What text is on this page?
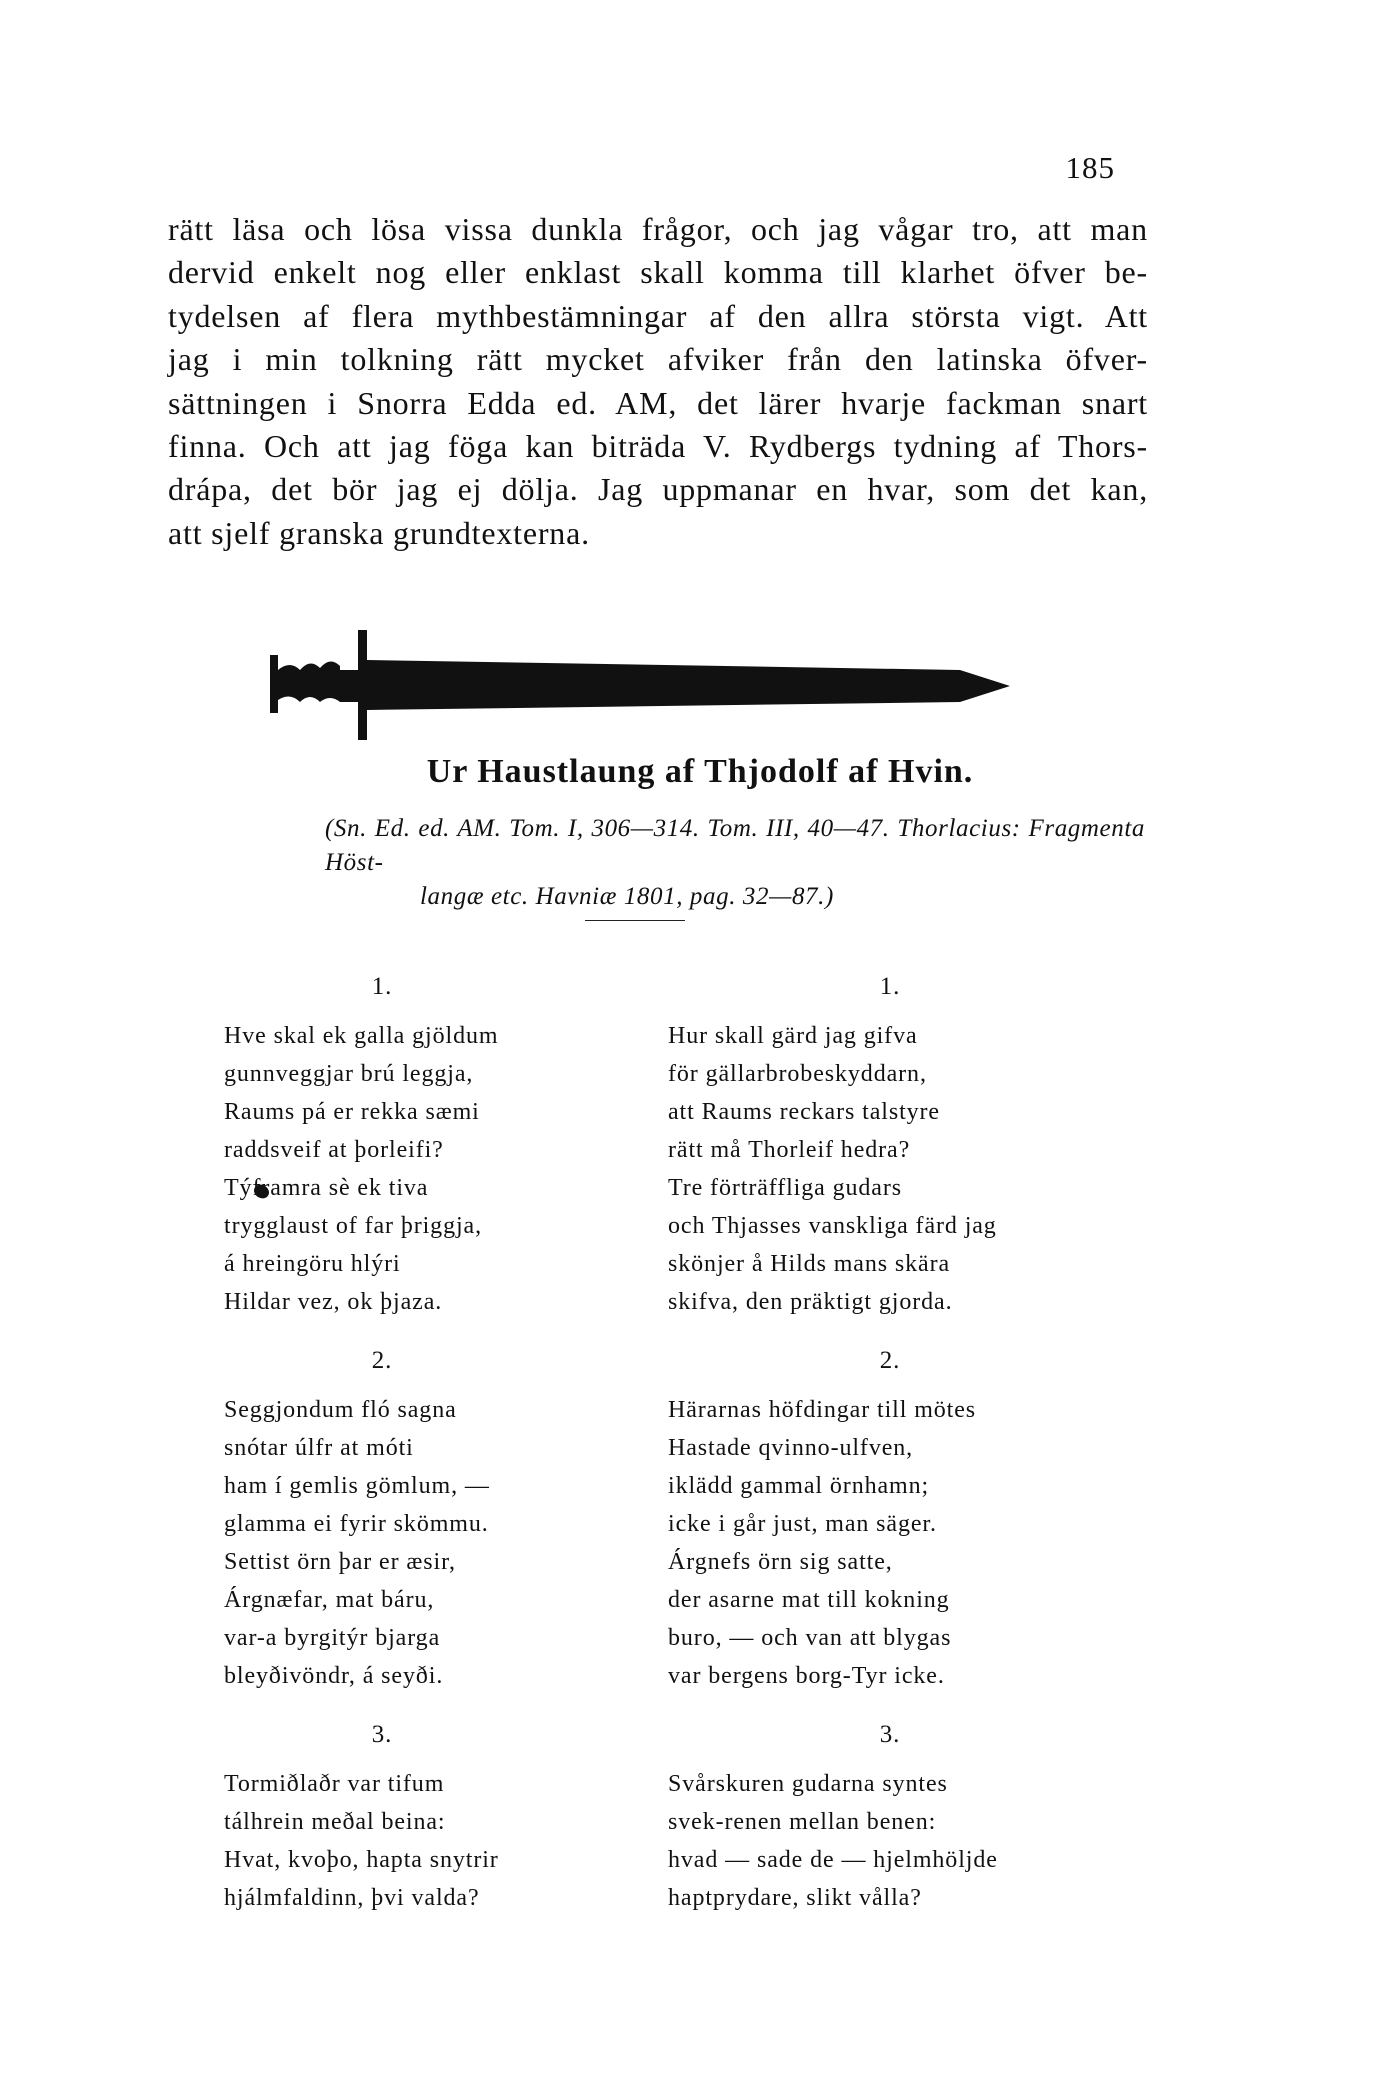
185
rätt läsa och lösa vissa dunkla frågor, och jag vågar tro, att man
dervid enkelt nog eller enklast skall komma till klarhet öfver be-
tydelsen af flera mythbestämningar af den allra största vigt. Att
jag i min tolkning rätt mycket afviker från den latinska öfver-
sättningen i Snorra Edda ed. AM, det lärer hvarje fackman snart
finna. Och att jag föga kan biträda V. Rydbergs tydning af Thors-
drápa, det bör jag ej dölja. Jag uppmanar en hvar, som det kan,
att sjelf granska grundtexterna.
Ur Haustlaung af Thjodolf af Hvin.
(Sn. Ed. ed. AM. Tom. I, 306—314. Tom. III, 40—47. Thorlacius: Fragmenta Höst-
langæ etc. Havniæ 1801, pag. 32—87.)
1.
Hve skal ek galla gjöldum
gunnveggjar brú leggja,
Raums pá er rekka sæmi
raddsveif at þorleifi?
Týframra sè ek tiva
trygglaust of far þriggja,
á hreingöru hlýri
Hildar vez, ok þjaza.
2.
Seggjondum fló sagna
snótar úlfr at móti
ham í gemlis gömlum, —
glamma ei fyrir skömmu.
Settist örn þar er æsir,
Árgnæfar, mat báru,
var-a byrgitýr bjarga
bleyðivöndr, á seyði.
3.
Tormiðlaðr var tifum
tálhrein meðal beina:
Hvat, kvoþo, hapta snytrir
hjálmfaldinn, þvi valda?
1.
Hur skall gärd jag gifva
för gällarbrobeskyddarn,
att Raums reckars talstyre
rätt må Thorleif hedra?
Tre förträffliga gudars
och Thjasses vanskliga färd jag
skönjer å Hilds mans skära
skifva, den präktigt gjorda.
2.
Härarnas höfdingar till mötes
Hastade qvinno-ulfven,
iklädd gammal örnhamn;
icke i går just, man säger.
Árgnefs örn sig satte,
der asarne mat till kokning
buro, — och van att blygas
var bergens borg-Tyr icke.
3.
Svårskuren gudarna syntes
svek-renen mellan benen:
hvad — sade de — hjelmhöljde
haptprydare, slikt vålla?
